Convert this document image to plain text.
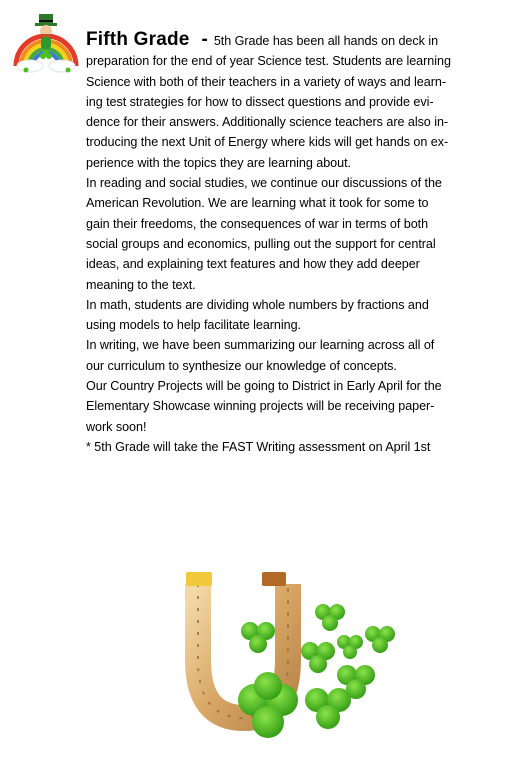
Fifth Grade - 5th Grade has been all hands on deck in
preparation for the end of year Science test. Students are learning
Science with both of their teachers in a variety of ways and learn-
ing test strategies for how to dissect questions and provide evi-
dence for their answers. Additionally science teachers are also in-
troducing the next Unit of Energy where kids will get hands on ex-
perience with the topics they are learning about.

In reading and social studies, we continue our discussions of the
American Revolution. We are learning what it took for some to
gain their freedoms, the consequences of war in terms of both
social groups and economics, pulling out the support for central
ideas, and explaining text features and how they add deeper
meaning to the text.

In math, students are dividing whole numbers by fractions and
using models to help facilitate learning.

In writing, we have been summarizing our learning across all of
our curriculum to synthesize our knowledge of concepts.

Our Country Projects will be going to District in Early April for the
Elementary Showcase winning projects will be receiving paper-
work soon!

* 5th Grade will take the FAST Writing assessment on April 1st
